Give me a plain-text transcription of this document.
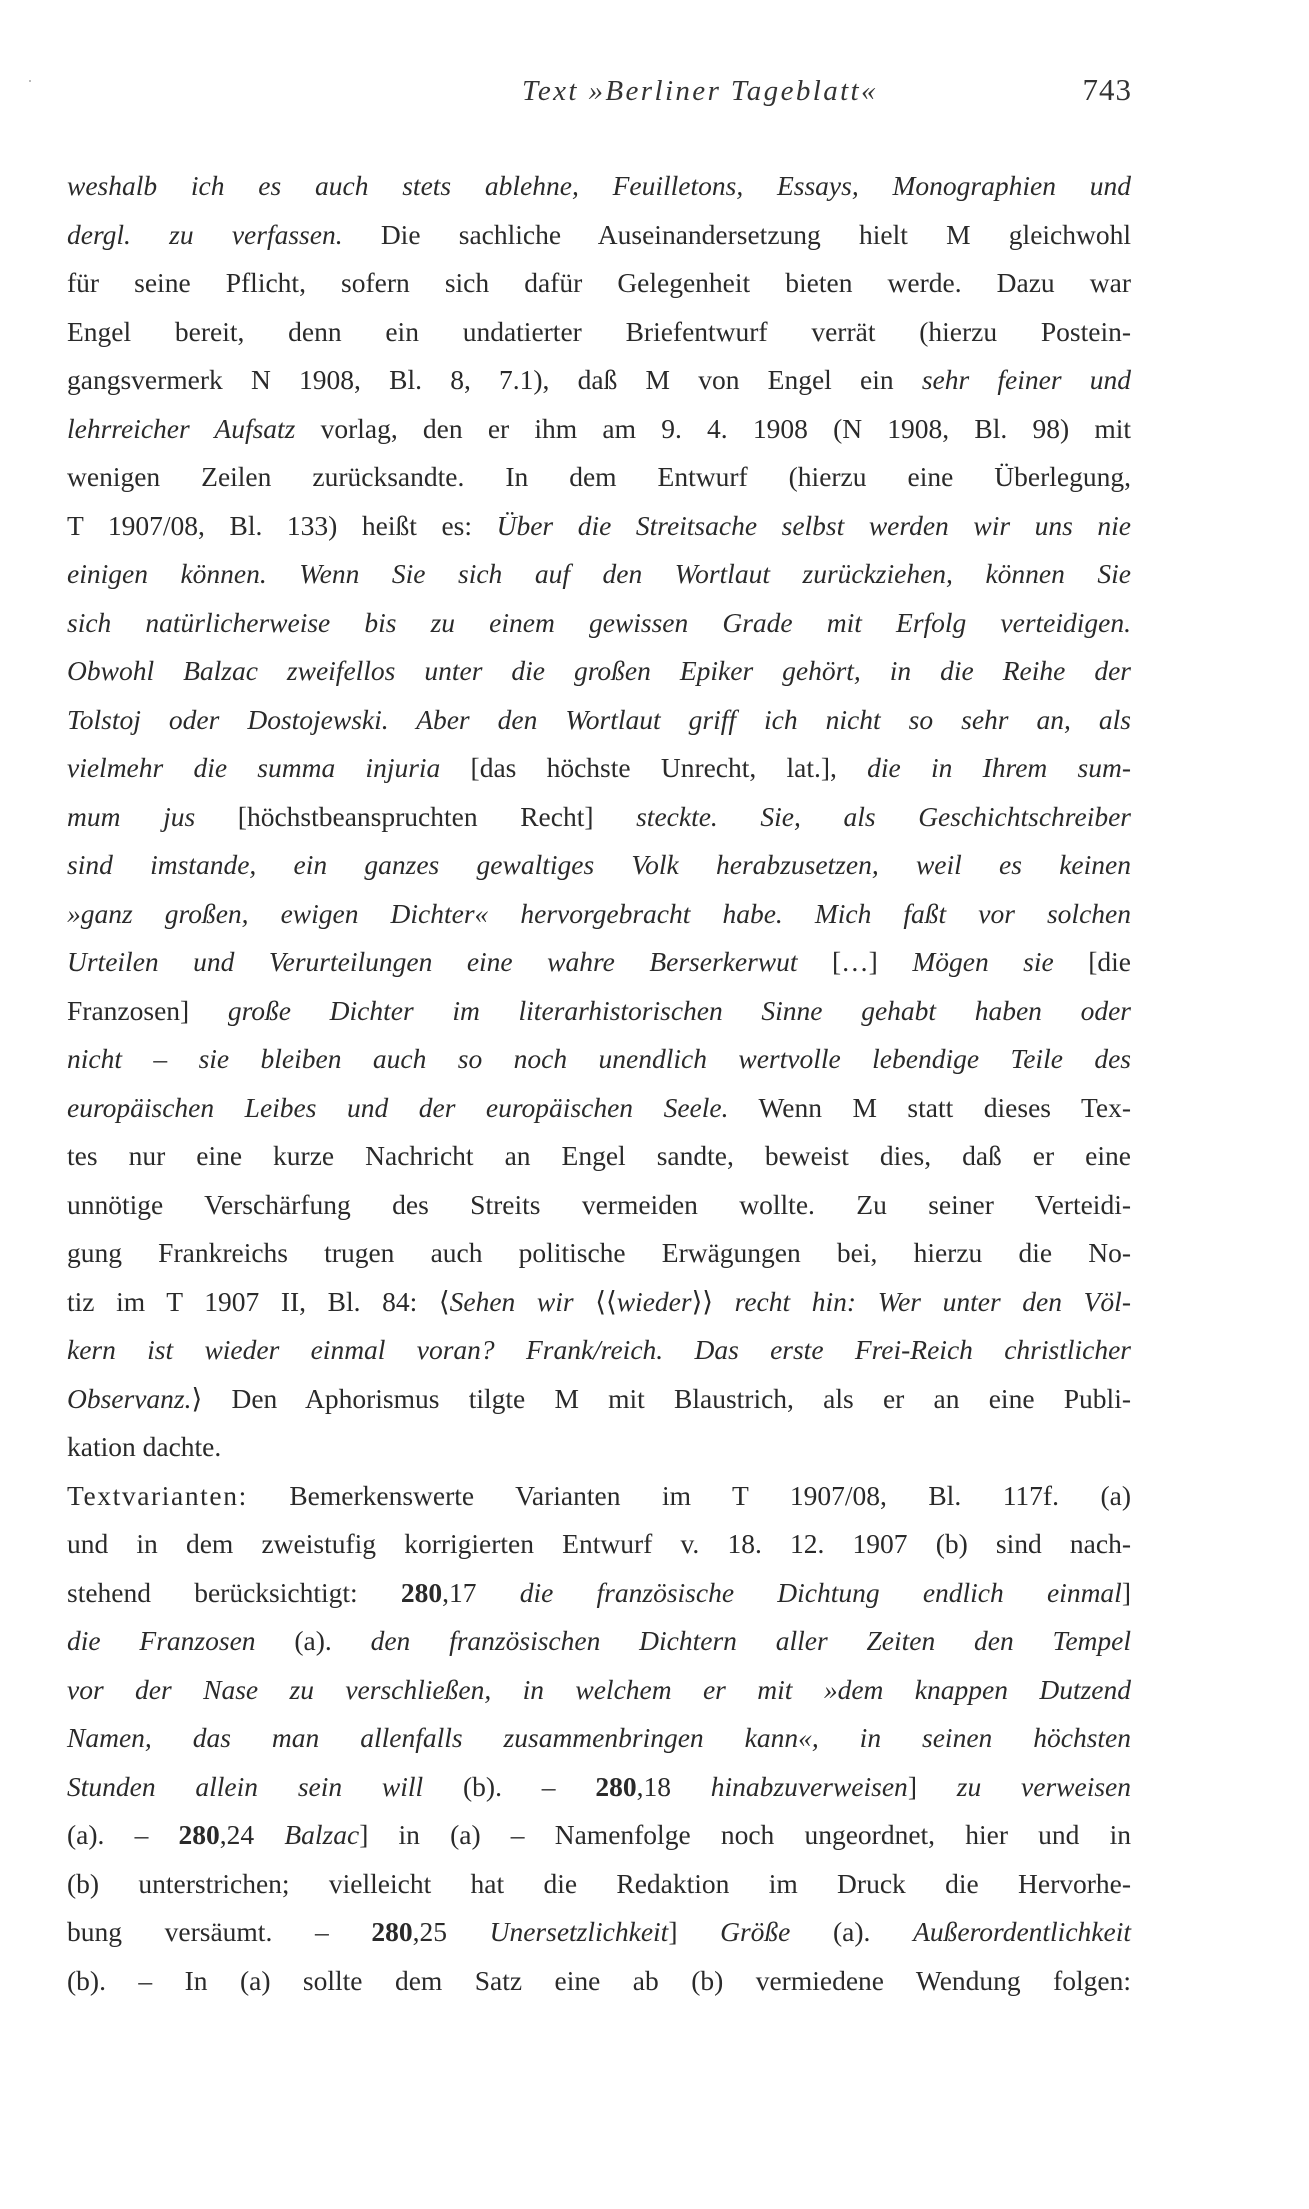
Text »Berliner Tageblatt«	743
weshalb ich es auch stets ablehne, Feuilletons, Essays, Monographien und
dergl. zu verfassen. Die sachliche Auseinandersetzung hielt M gleichwohl
für seine Pflicht, sofern sich dafür Gelegenheit bieten werde. Dazu war
Engel bereit, denn ein undatierter Briefentwurf verrät (hierzu Postein-
gangsvermerk N 1908, Bl. 8, 7.1), daß M von Engel ein sehr feiner und
lehrreicher Aufsatz vorlag, den er ihm am 9. 4. 1908 (N 1908, Bl. 98) mit
wenigen Zeilen zurücksandte. In dem Entwurf (hierzu eine Überlegung,
T 1907/08, Bl. 133) heißt es: Über die Streitsache selbst werden wir uns nie
einigen können. Wenn Sie sich auf den Wortlaut zurückziehen, können Sie
sich natürlicherweise bis zu einem gewissen Grade mit Erfolg verteidigen.
Obwohl Balzac zweifellos unter die großen Epiker gehört, in die Reihe der
Tolstoj oder Dostojewski. Aber den Wortlaut griff ich nicht so sehr an, als
vielmehr die summa injuria [das höchste Unrecht, lat.], die in Ihrem sum-
mum jus [höchstbeanspruchten Recht] steckte. Sie, als Geschichtschreiber
sind imstande, ein ganzes gewaltiges Volk herabzusetzen, weil es keinen
»ganz großen, ewigen Dichter« hervorgebracht habe. Mich faßt vor solchen
Urteilen und Verurteilungen eine wahre Berserkerwut […] Mögen sie [die
Franzosen] große Dichter im literarhistorischen Sinne gehabt haben oder
nicht – sie bleiben auch so noch unendlich wertvolle lebendige Teile des
europäischen Leibes und der europäischen Seele. Wenn M statt dieses Tex-
tes nur eine kurze Nachricht an Engel sandte, beweist dies, daß er eine
unnötige Verschärfung des Streits vermeiden wollte. Zu seiner Verteidi-
gung Frankreichs trugen auch politische Erwägungen bei, hierzu die No-
tiz im T 1907 II, Bl. 84: ⟨Sehen wir ⟨⟨wieder⟩⟩ recht hin: Wer unter den Völ-
kern ist wieder einmal voran? Frank/reich. Das erste Frei-Reich christlicher
Observanz.⟩ Den Aphorismus tilgte M mit Blaustrich, als er an eine Publi-
kation dachte.
Textvarianten: Bemerkenswerte Varianten im T 1907/08, Bl. 117f. (a)
und in dem zweistufig korrigierten Entwurf v. 18. 12. 1907 (b) sind nach-
stehend berücksichtigt: 280,17 die französische Dichtung endlich einmal]
die Franzosen (a). den französischen Dichtern aller Zeiten den Tempel
vor der Nase zu verschließen, in welchem er mit »dem knappen Dutzend
Namen, das man allenfalls zusammenbringen kann«, in seinen höchsten
Stunden allein sein will (b). – 280,18 hinabzuverweisen] zu verweisen
(a). – 280,24 Balzac] in (a) – Namenfolge noch ungeordnet, hier und in
(b) unterstrichen; vielleicht hat die Redaktion im Druck die Hervorhe-
bung versäumt. – 280,25 Unersetzlichkeit] Größe (a). Außerordentlichkeit
(b). – In (a) sollte dem Satz eine ab (b) vermiedene Wendung folgen:
